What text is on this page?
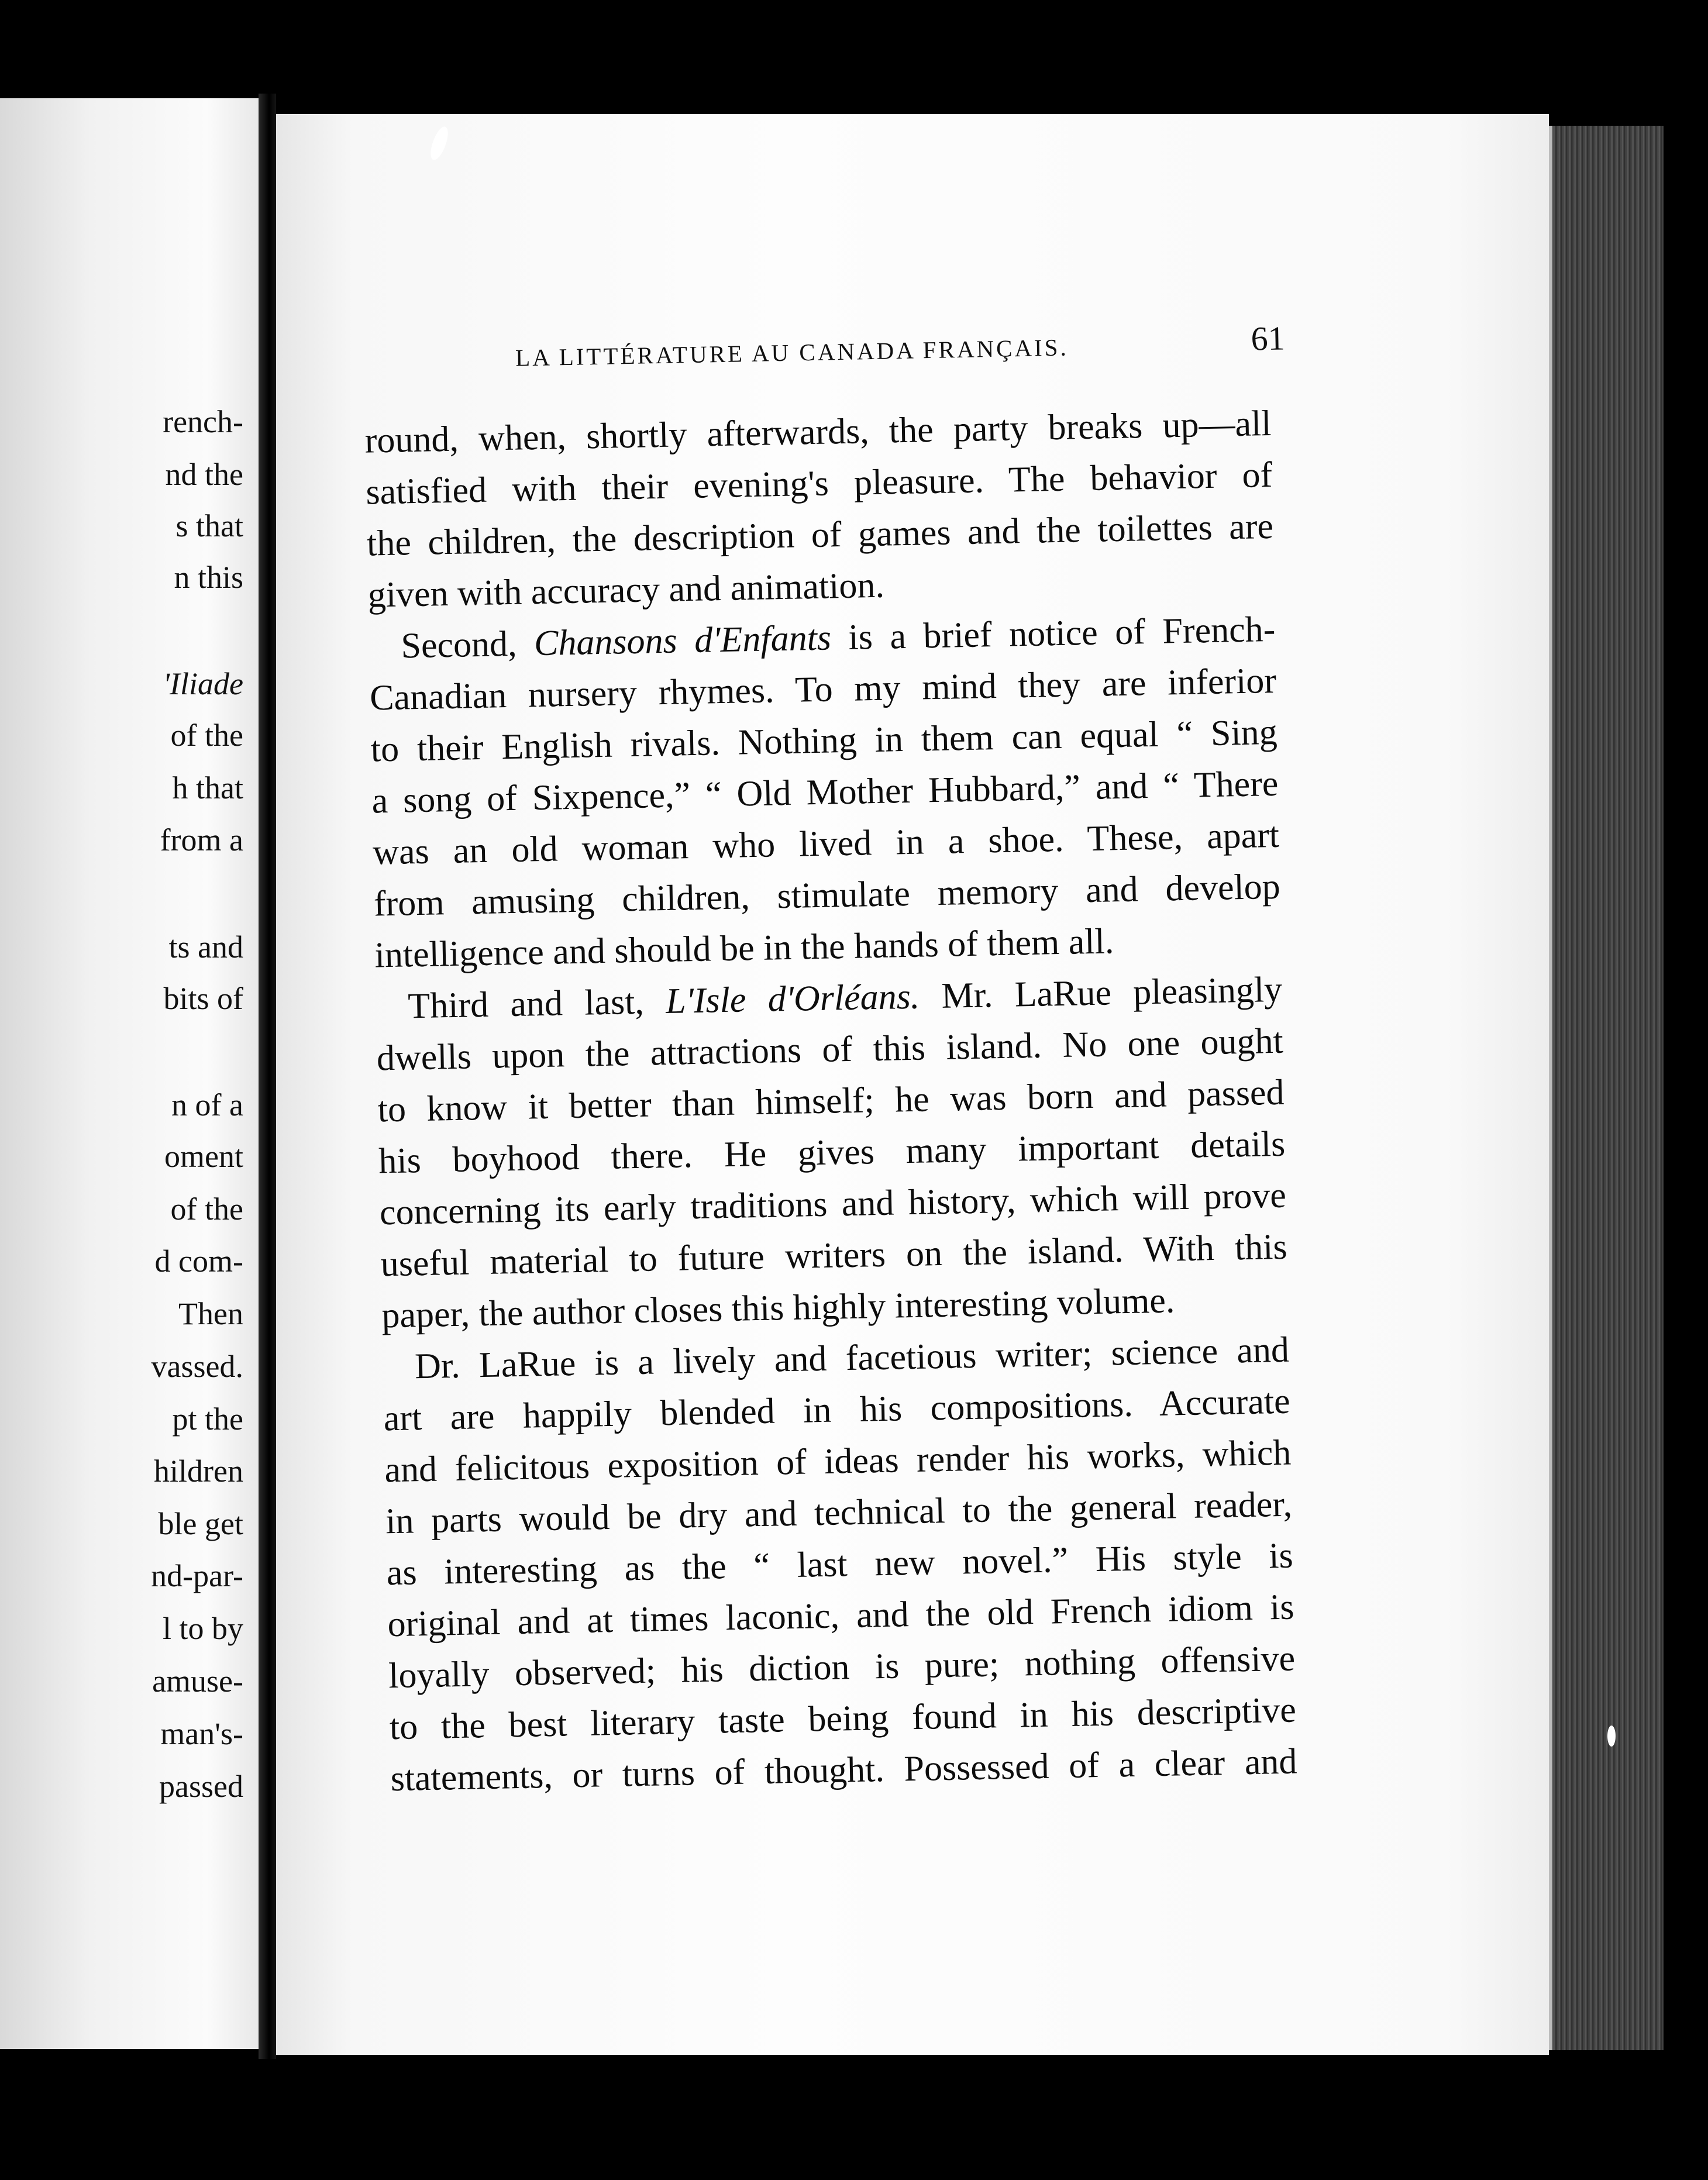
rench-
nd the
s that
n this
'Iliade
of the
h that
from a
ts and
bits of
n of a
oment
of the
d com-
Then
vassed.
pt the
hildren
ble get
nd-par-
l to by
amuse-
man's-
passed
LA LITTÉRATURE AU CANADA FRANÇAIS.	61
round, when, shortly afterwards, the party breaks up—all
satisfied with their evening's pleasure. The behavior of
the children, the description of games and the toilettes are
given with accuracy and animation.
Second, Chansons d'Enfants is a brief notice of French-
Canadian nursery rhymes. To my mind they are inferior
to their English rivals. Nothing in them can equal “ Sing
a song of Sixpence,” “ Old Mother Hubbard,” and “ There
was an old woman who lived in a shoe. These, apart
from amusing children, stimulate memory and develop
intelligence and should be in the hands of them all.
Third and last, L'Isle d'Orléans. Mr. LaRue pleasingly
dwells upon the attractions of this island. No one ought
to know it better than himself; he was born and passed
his boyhood there. He gives many important details
concerning its early traditions and history, which will prove
useful material to future writers on the island. With this
paper, the author closes this highly interesting volume.
Dr. LaRue is a lively and facetious writer; science and
art are happily blended in his compositions. Accurate
and felicitous exposition of ideas render his works, which
in parts would be dry and technical to the general reader,
as interesting as the “ last new novel.” His style is
original and at times laconic, and the old French idiom is
loyally observed; his diction is pure; nothing offensive
to the best literary taste being found in his descriptive
statements, or turns of thought. Possessed of a clear and
